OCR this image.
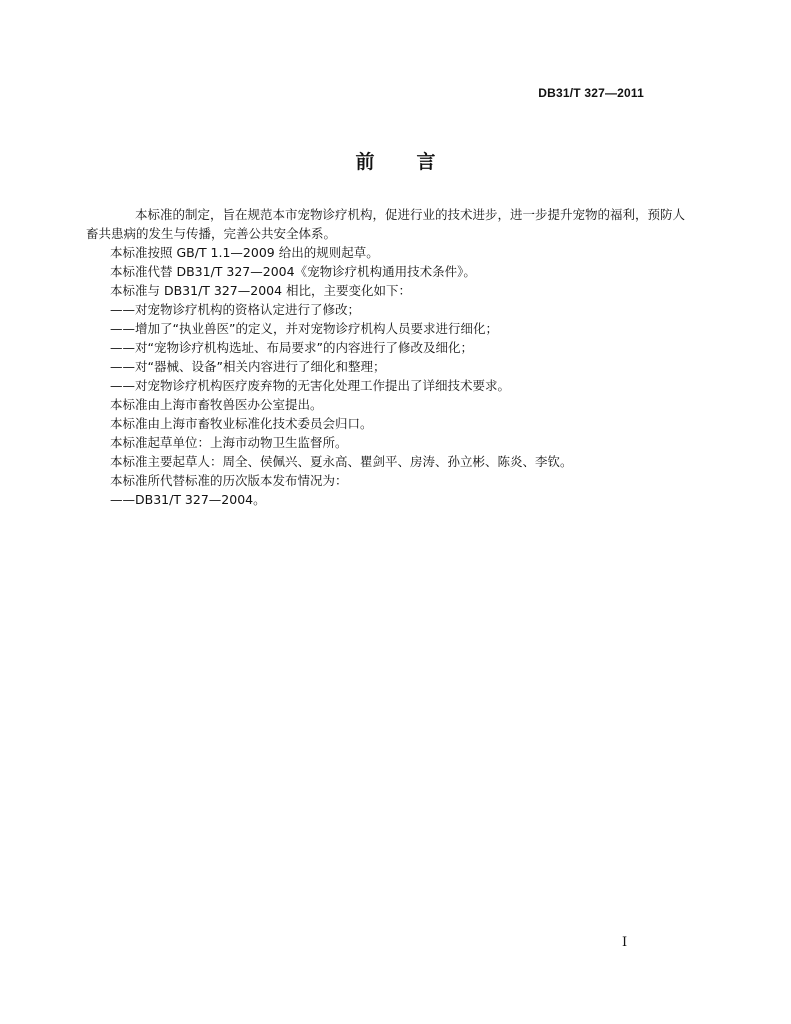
DB31/T 327—2011
前 言

本标准的制定，旨在规范本市宠物诊疗机构，促进行业的技术进步，进一步提升宠物的福利，预防人
畜共患病的发生与传播，完善公共安全体系。

本标准按照 GB/T 1.1—2009 给出的规则起草。
本标准代替 DB31/T 327—2004《宠物诊疗机构通用技术条件》。
本标准与 DB31/T 327—2004 相比，主要变化如下：
——对宠物诊疗机构的资格认定进行了修改；
——增加了“执业兽医”的定义，并对宠物诊疗机构人员要求进行细化；
——对“宠物诊疗机构选址、布局要求”的内容进行了修改及细化；
——对“器械、设备”相关内容进行了细化和整理；
——对宠物诊疗机构医疗废弃物的无害化处理工作提出了详细技术要求。
本标准由上海市畜牧兽医办公室提出。
本标准由上海市畜牧业标准化技术委员会归口。
本标准起草单位：上海市动物卫生监督所。
本标准主要起草人：周全、侯佩兴、夏永高、瞿剑平、房涛、孙立彬、陈炎、李钦。
本标准所代替标准的历次版本发布情况为：
——DB31/T 327—2004。
I
